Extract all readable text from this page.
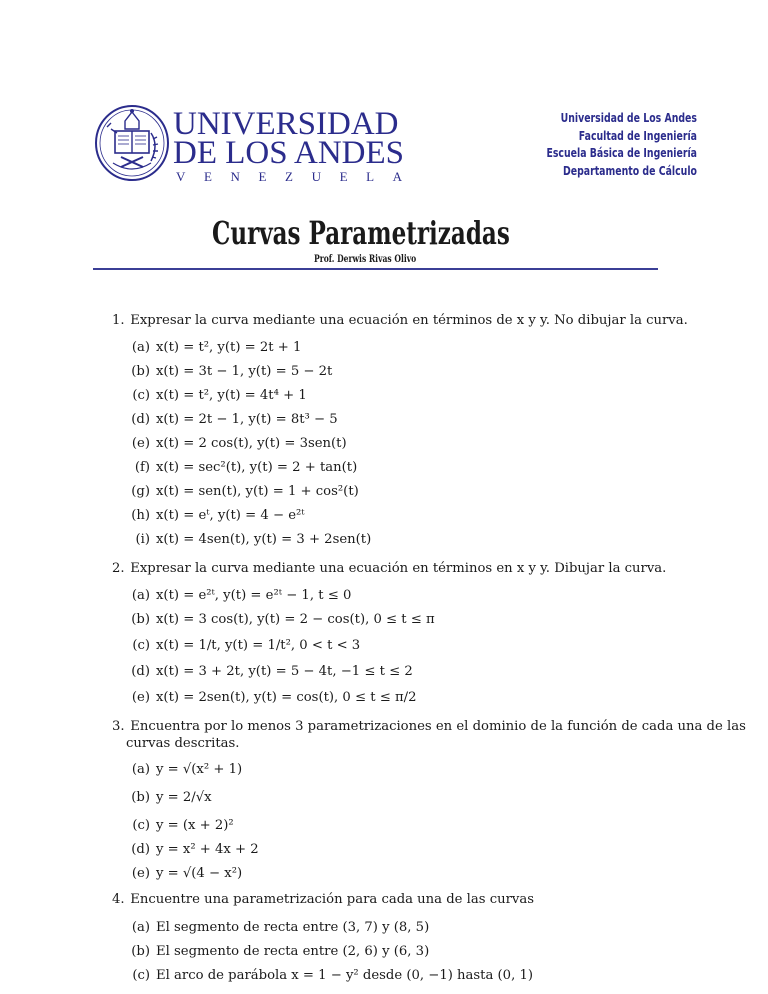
UNIVERSIDAD
DE LOS ANDES
VENEZUELA
Universidad de Los Andes
Facultad de Ingeniería
Escuela Básica de Ingeniería
Departamento de Cálculo
Curvas Parametrizadas
Prof. Derwis Rivas Olivo
1. Expresar la curva mediante una ecuación en términos de x y y. No dibujar la curva.
(a) x(t) = t², y(t) = 2t + 1
(b) x(t) = 3t − 1, y(t) = 5 − 2t
(c) x(t) = t², y(t) = 4t⁴ + 1
(d) x(t) = 2t − 1, y(t) = 8t³ − 5
(e) x(t) = 2 cos(t), y(t) = 3sen(t)
(f) x(t) = sec²(t), y(t) = 2 + tan(t)
(g) x(t) = sen(t), y(t) = 1 + cos²(t)
(h) x(t) = eᵗ, y(t) = 4 − e²ᵗ
(i) x(t) = 4sen(t), y(t) = 3 + 2sen(t)
2. Expresar la curva mediante una ecuación en términos en x y y. Dibujar la curva.
(a) x(t) = e²ᵗ, y(t) = e²ᵗ − 1, t ≤ 0
(b) x(t) = 3 cos(t), y(t) = 2 − cos(t), 0 ≤ t ≤ π
(c) x(t) = 1/t, y(t) = 1/t², 0 < t < 3
(d) x(t) = 3 + 2t, y(t) = 5 − 4t, −1 ≤ t ≤ 2
(e) x(t) = 2sen(t), y(t) = cos(t), 0 ≤ t ≤ π/2
3. Encuentra por lo menos 3 parametrizaciones en el dominio de la función de cada una de las
curvas descritas.
(a) y = √(x² + 1)
(b) y = 2/√x
(c) y = (x + 2)²
(d) y = x² + 4x + 2
(e) y = √(4 − x²)
4. Encuentre una parametrización para cada una de las curvas
(a) El segmento de recta entre (3, 7) y (8, 5)
(b) El segmento de recta entre (2, 6) y (6, 3)
(c) El arco de parábola x = 1 − y² desde (0, −1) hasta (0, 1)
